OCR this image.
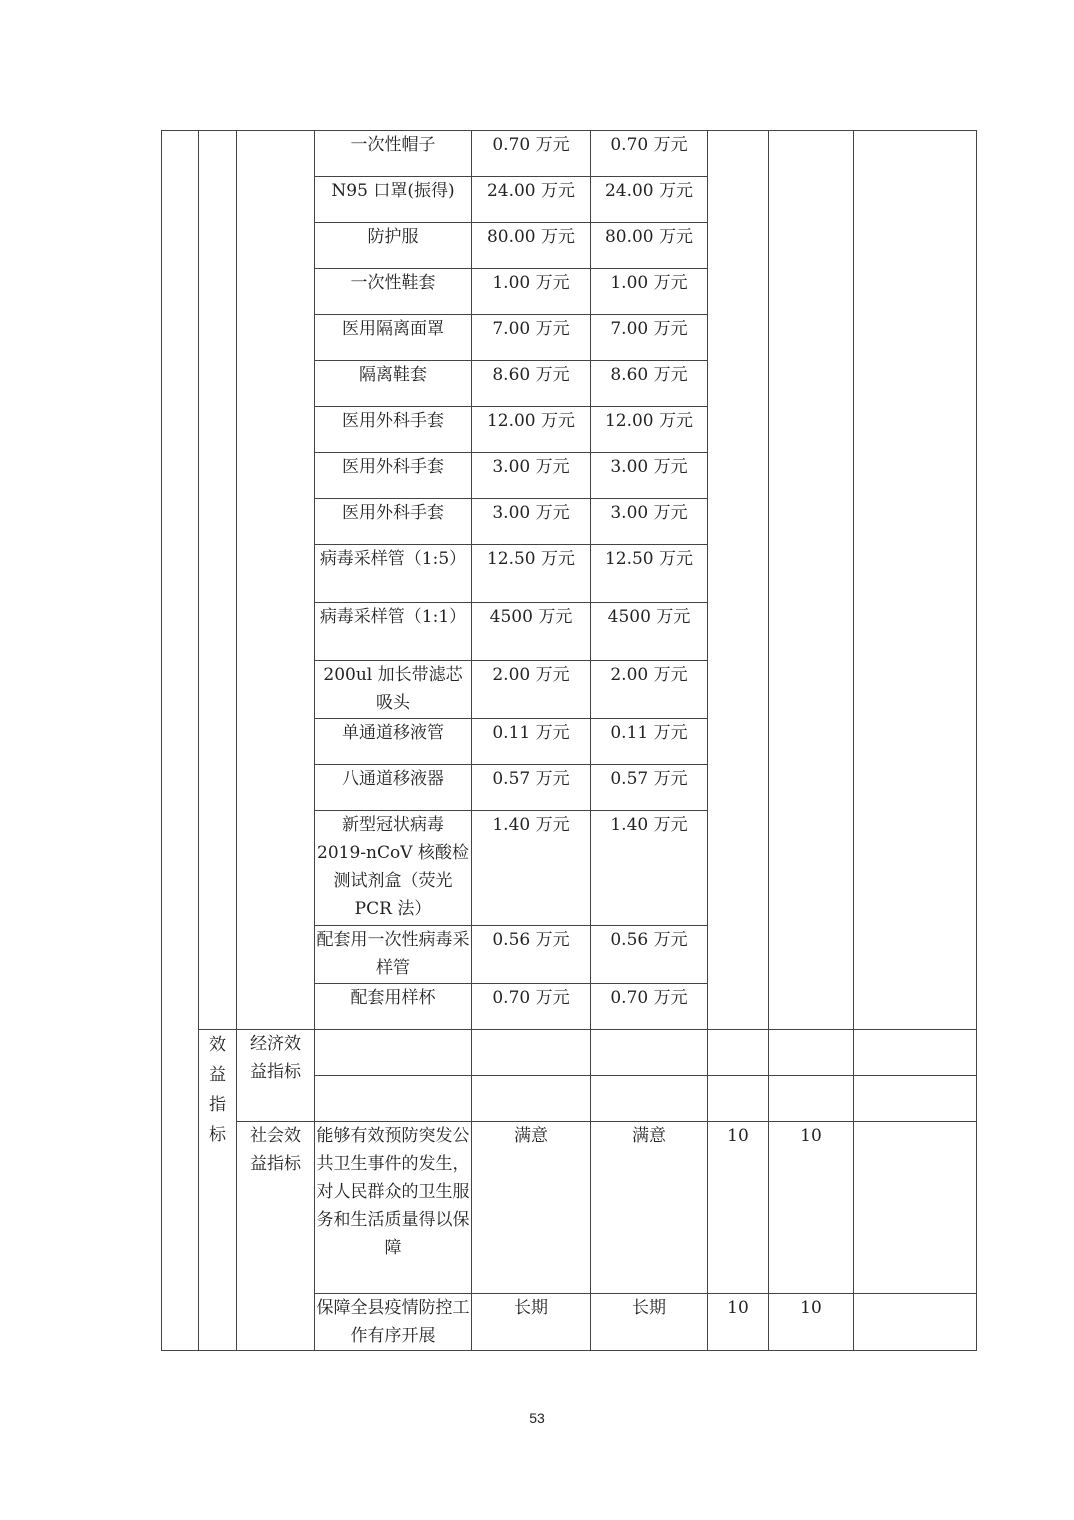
			一次性帽子	0.70 万元	0.70 万元			
			N95 口罩(振得)	24.00 万元	24.00 万元			
			防护服	80.00 万元	80.00 万元			
			一次性鞋套	1.00 万元	1.00 万元			
			医用隔离面罩	7.00 万元	7.00 万元			
			隔离鞋套	8.60 万元	8.60 万元			
			医用外科手套	12.00 万元	12.00 万元			
			医用外科手套	3.00 万元	3.00 万元			
			医用外科手套	3.00 万元	3.00 万元			
			病毒采样管（1:5）	12.50 万元	12.50 万元			
			病毒采样管（1:1）	4500 万元	4500 万元			
			200ul 加长带滤芯吸头	2.00 万元	2.00 万元			
			单通道移液管	0.11 万元	0.11 万元			
			八通道移液器	0.57 万元	0.57 万元			
			新型冠状病毒 2019-nCoV 核酸检测试剂盒（荧光 PCR 法）	1.40 万元	1.40 万元			
			配套用一次性病毒采样管	0.56 万元	0.56 万元			
			配套用样杯	0.70 万元	0.70 万元			
	效益指标	经济效益指标						

		社会效益指标	能够有效预防突发公共卫生事件的发生，对人民群众的卫生服务和生活质量得以保障	满意	满意	10	10	
			保障全县疫情防控工作有序开展	长期	长期	10	10	
53
